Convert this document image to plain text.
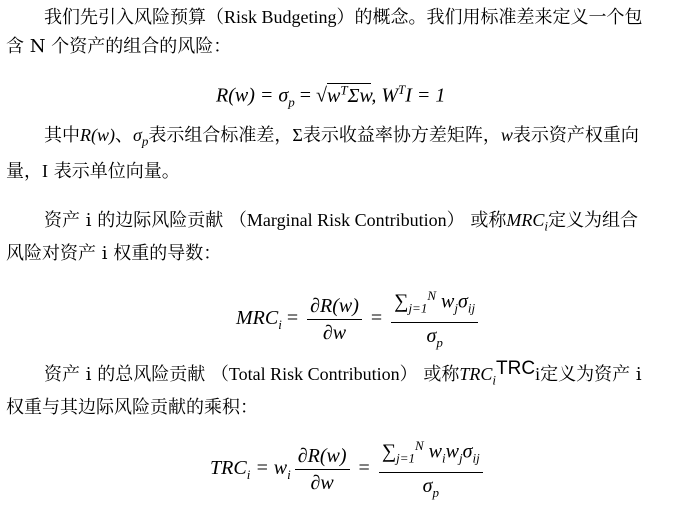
我们先引入风险预算（Risk Budgeting）的概念。我们用标准差来定义一个包
含 N 个资产的组合的风险：
$R(w) = \sigma_p = √w^T\Sigma w$, $W^TI = 1$
其中R(w)、$\sigma_p$表示组合标准差，Σ表示收益率协方差矩阵，w表示资产权重向
量，I 表示单位向量。
资产 i 的边际风险贡献 （Marginal Risk Contribution） 或称$MRC_i$定义为组合
风险对资产 i 权重的导数：
$MRC_i = \frac{\partial R(w)}{\partial w} = \frac{\sum_{j=1}^N w_j\sigma_{ij}}{\sigma_p}$
资产 i 的总风险贡献 （Total Risk Contribution） 或称$TRC_iTRCi$定义为资产 i
权重与其边际风险贡献的乘积：
$TRC_i = w_i \frac{\partial R(w)}{\partial w} = \frac{\sum_{j=1}^N w_iw_j\sigma_{ij}}{\sigma_p}$
